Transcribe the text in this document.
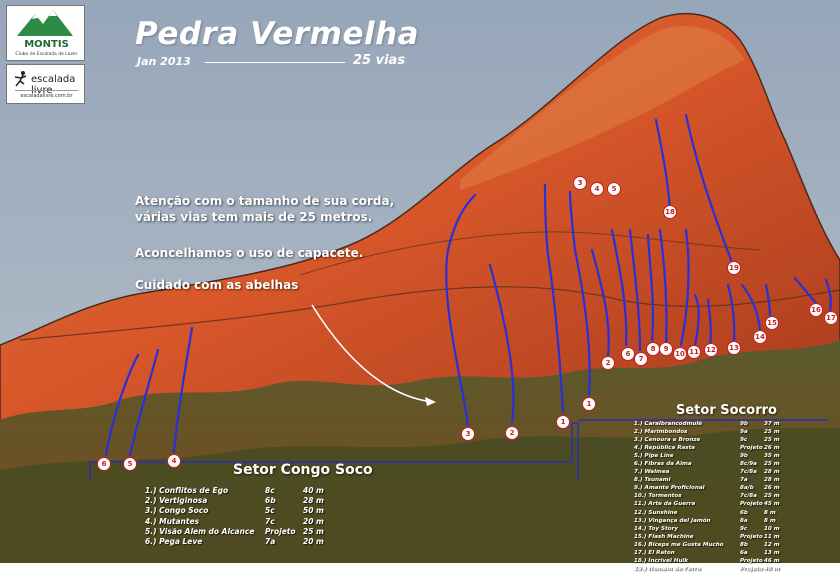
MONTIS
Clube de Escalada de Lazer
escalada livre
escaladalivre.com.br
Pedra Vermelha
Jan 2013	25 vias
Atenção com o tamanho de sua corda,
várias vias tem mais de 25 metros.
Aconcelhamos o uso de capacete.
Cuidado com as abelhas
Setor Congo Soco
1.) Conflitos de Ego	8c	40 m
2.) Vertiginosa	6b	28 m
3.) Congo Soco	5c	50 m
4.) Mutantes	7c	20 m
5.) Visão Alem do Alcance	Projeto 25 m
6.) Pega Leve	7a	20 m
Setor Socorro
1.) Caralbrancodmulé	9b	37 m
2.) Marimbondos	9a	25 m
3.) Cenoura e Bronze	9c	25 m
4.) República Rasta	Projeto 26 m
5.) Pipe Line	9b	35 m
6.) Fibras da Alma	8c/9a	25 m
7.) Walmea	7c/8a	28 m
8.) Tsunami	7a	28 m
9.) Amante Proficional	8a/b	26 m
10.) Tormentos	7c/8a	25 m
11.) Arte da Guerra	Projeto 45 m
12.) Sunshine	6b	8 m
13.) Vingança del Jamón	8a	8 m
14.) Toy Story	9c	10 m
15.) Flash Machine	Projeto 11 m
16.) Biceps me Gusta Mucho	8b	12 m
17.) El Raton	6a	13 m
18.) Incrivel Hulk	Projeto 46 m
19.) Homem de Ferro	Projeto 40 m
6	5	4
3	2
1
1
2
3
4	5
6
7
8	9
10 11	12	13
14
15
16
17
18
19
